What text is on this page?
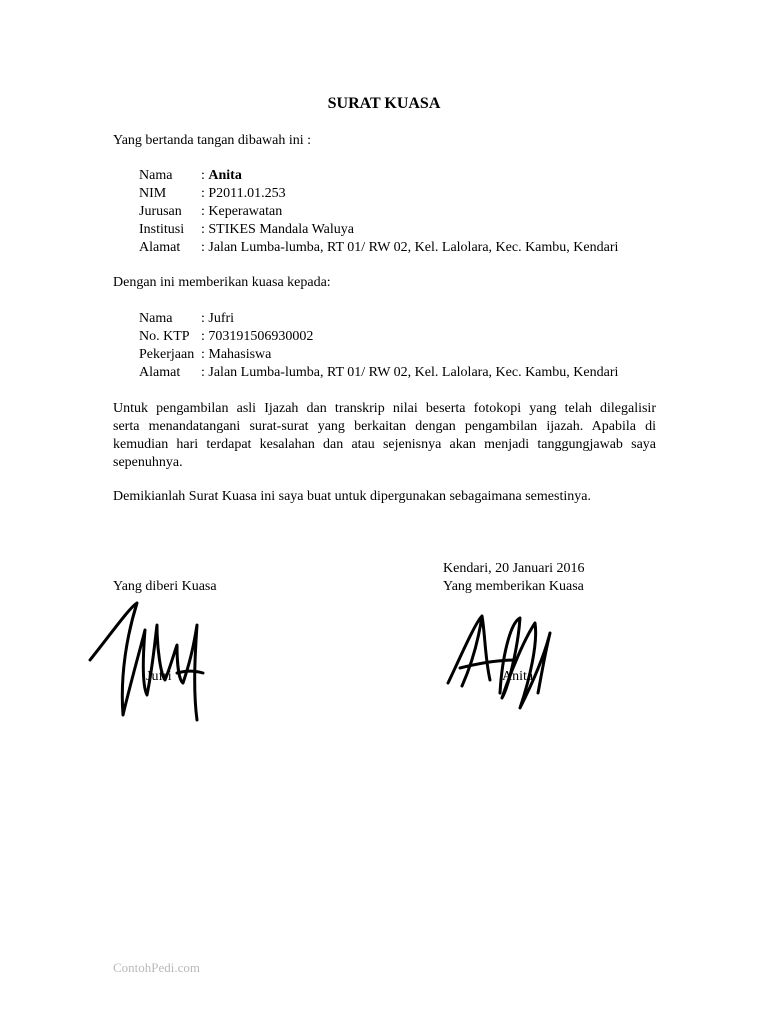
SURAT KUASA
Yang bertanda tangan dibawah ini :
Nama : Anita
NIM : P2011.01.253
Jurusan : Keperawatan
Institusi : STIKES Mandala Waluya
Alamat : Jalan Lumba-lumba, RT 01/ RW 02, Kel. Lalolara, Kec. Kambu, Kendari
Dengan ini memberikan kuasa kepada:
Nama : Jufri
No. KTP : 703191506930002
Pekerjaan : Mahasiswa
Alamat : Jalan Lumba-lumba, RT 01/ RW 02, Kel. Lalolara, Kec. Kambu, Kendari
Untuk pengambilan asli Ijazah dan transkrip nilai beserta fotokopi yang telah dilegalisir
serta menandatangani surat-surat yang berkaitan dengan pengambilan ijazah. Apabila di
kemudian hari terdapat kesalahan dan atau sejenisnya akan menjadi tanggungjawab saya
sepenuhnya.
Demikianlah Surat Kuasa ini saya buat untuk dipergunakan sebagaimana semestinya.
Kendari, 20 Januari 2016
Yang diberi Kuasa	Yang memberikan Kuasa
Jufri	Anita
ContohPedi.com
